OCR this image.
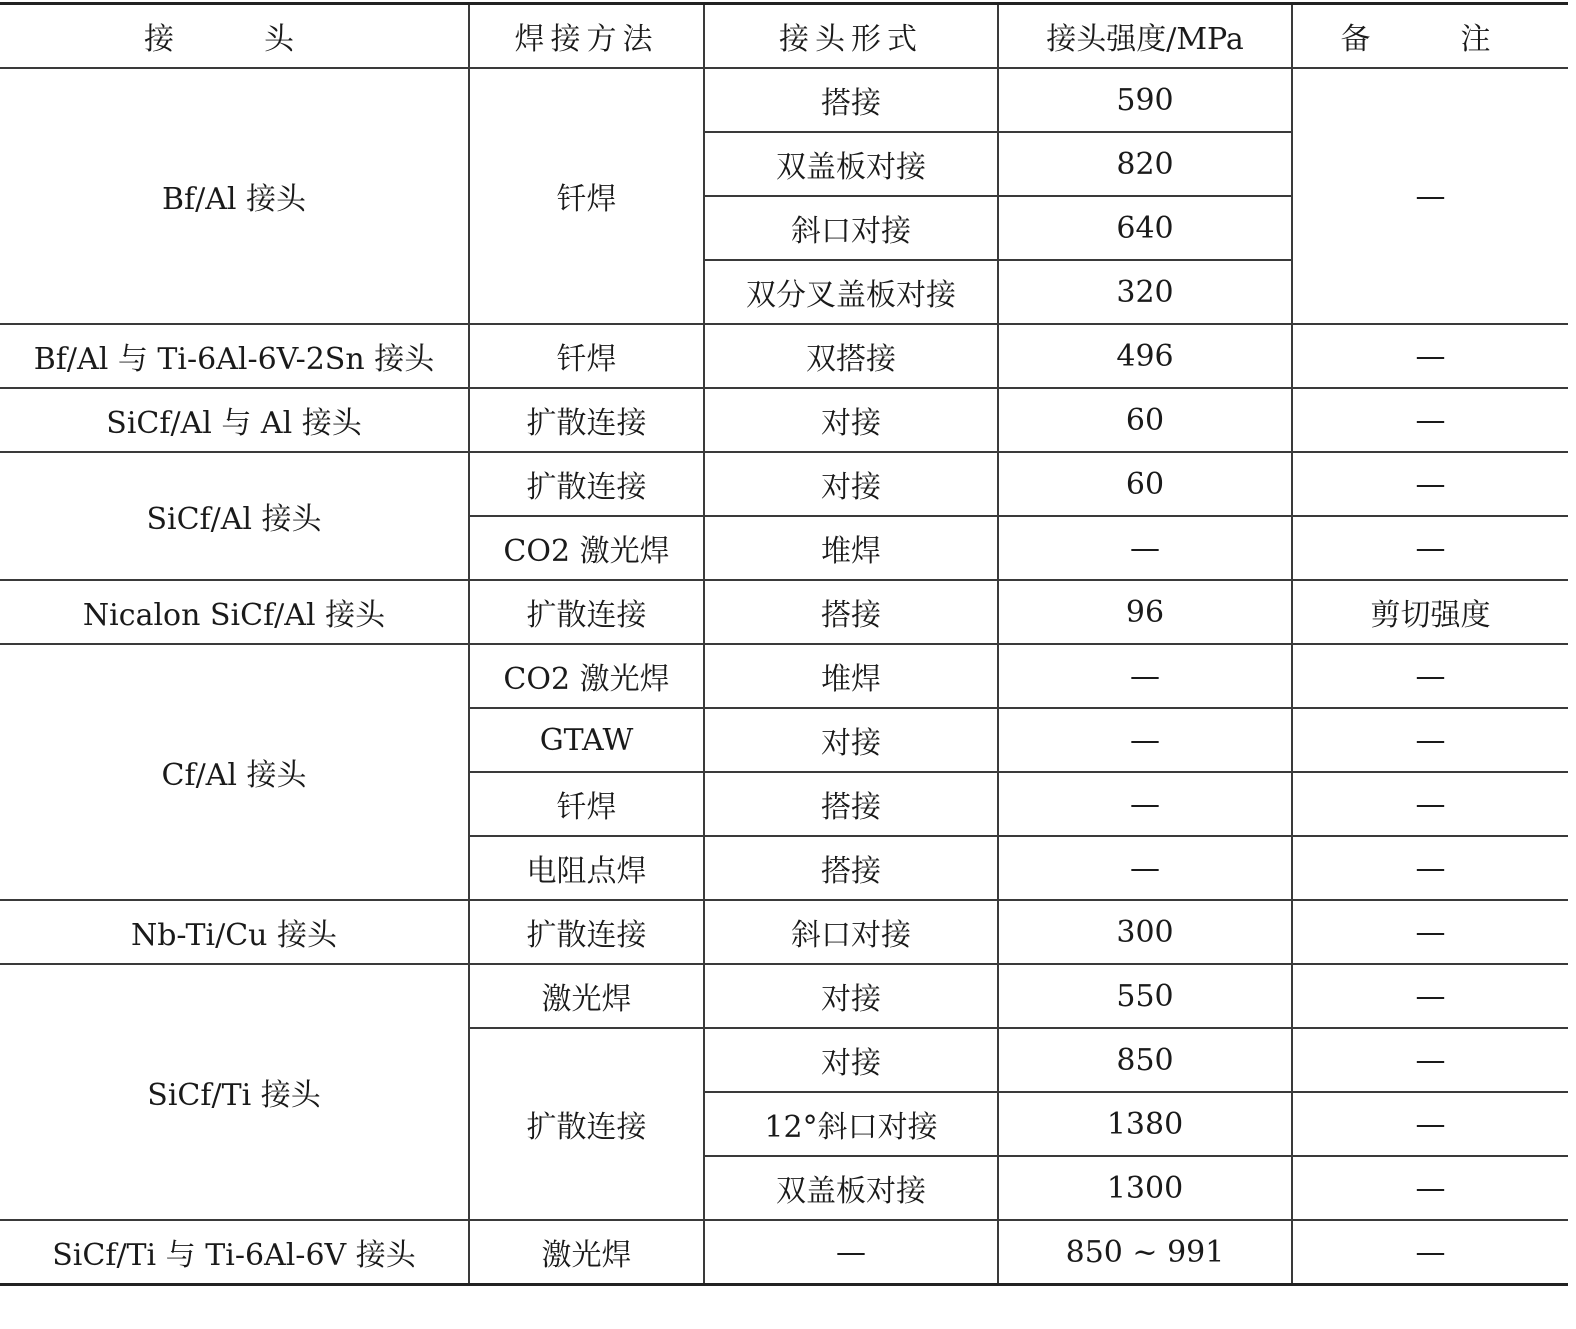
接　头	焊接方法	接头形式	接头强度/MPa	备　注
Bf/Al 接头	钎焊	搭接	590	—
		双盖板对接	820	
		斜口对接	640	
		双分叉盖板对接	320	
Bf/Al 与 Ti-6Al-6V-2Sn 接头	钎焊	双搭接	496	—
SiCf/Al 与 Al 接头	扩散连接	对接	60	—
SiCf/Al 接头	扩散连接	对接	60	—
	CO2 激光焊	堆焊	—	—
Nicalon SiCf/Al 接头	扩散连接	搭接	96	剪切强度
Cf/Al 接头	CO2 激光焊	堆焊	—	—
	GTAW	对接	—	—
	钎焊	搭接	—	—
	电阻点焊	搭接	—	—
Nb-Ti/Cu 接头	扩散连接	斜口对接	300	—
SiCf/Ti 接头	激光焊	对接	550	—
	扩散连接	对接	850	—
		12°斜口对接	1380	—
		双盖板对接	1300	—
SiCf/Ti 与 Ti-6Al-6V 接头	激光焊	—	850 ~ 991	—
